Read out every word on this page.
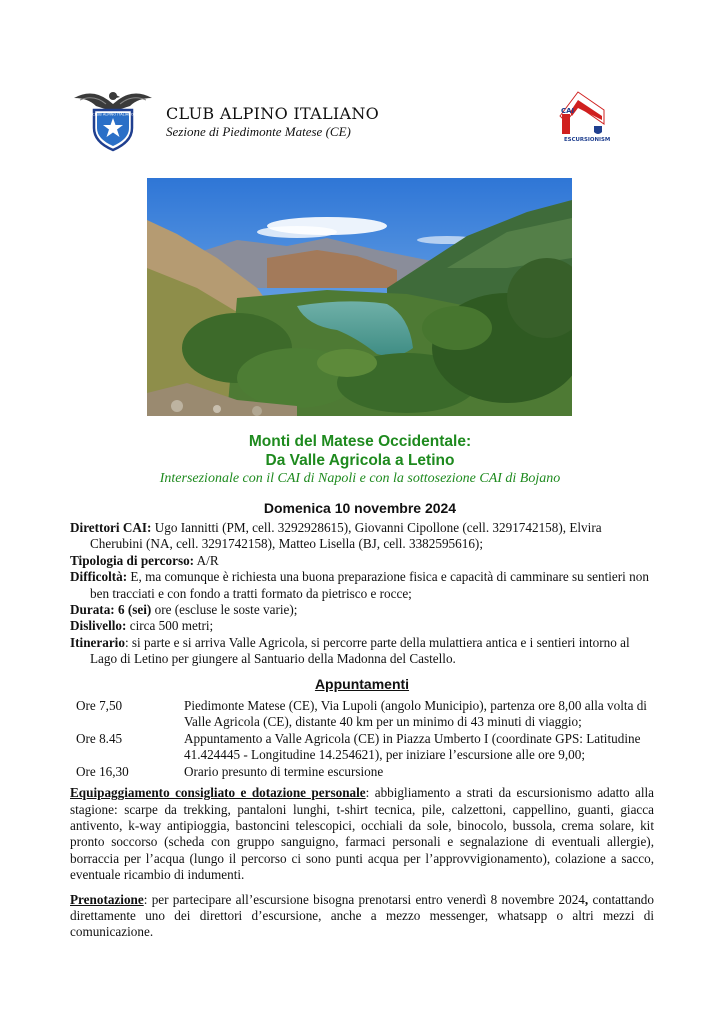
CLUB ALPINO ITALIANO CLUB ALPINO ITALIANO
Sezione di Piedimonte Matese (CE)
CAI
ESCURSIONISMO
Monti del Matese Occidentale:
Da Valle Agricola a Letino
Intersezionale con il CAI di Napoli e con la sottosezione CAI di Bojano
Domenica 10 novembre 2024

Direttori CAI: Ugo Iannitti (PM, cell. 3292928615), Giovanni Cipollone (cell. 3291742158), Elvira Cherubini (NA, cell. 3291742158), Matteo Lisella (BJ, cell. 3382595616);

Tipologia di percorso: A/R

Difficoltà: E, ma comunque è richiesta una buona preparazione fisica e capacità di camminare su sentieri non ben tracciati e con fondo a tratti formato da pietrisco e rocce;

Durata: 6 (sei) ore (escluse le soste varie);

Dislivello: circa 500 metri;

Itinerario: si parte e si arriva Valle Agricola, si percorre parte della mulattiera antica e i sentieri intorno al Lago di Letino per giungere al Santuario della Madonna del Castello.

Appuntamenti
Ore 7,50	Piedimonte Matese (CE), Via Lupoli (angolo Municipio), partenza ore 8,00 alla volta di Valle Agricola (CE), distante 40 km per un minimo di 43 minuti di viaggio;
Ore 8.45	Appuntamento a Valle Agricola (CE) in Piazza Umberto I (coordinate GPS: Latitudine 41.424445 - Longitudine 14.254621), per iniziare l’escursione alle ore 9,00;
Ore 16,30	Orario presunto di termine escursione

Equipaggiamento consigliato e dotazione personale: abbigliamento a strati da escursionismo adatto alla stagione: scarpe da trekking, pantaloni lunghi, t-shirt tecnica, pile, calzettoni, cappellino, guanti, giacca antivento, k-way antipioggia, bastoncini telescopici, occhiali da sole, binocolo, bussola, crema solare, kit pronto soccorso (scheda con gruppo sanguigno, farmaci personali e segnalazione di eventuali allergie), borraccia per l’acqua (lungo il percorso ci sono punti acqua per l’approvvigionamento), colazione a sacco, eventuale ricambio di indumenti.

Prenotazione: per partecipare all’escursione bisogna prenotarsi entro venerdì 8 novembre 2024, contattando direttamente uno dei direttori d’escursione, anche a mezzo messenger, whatsapp o altri mezzi di comunicazione.
